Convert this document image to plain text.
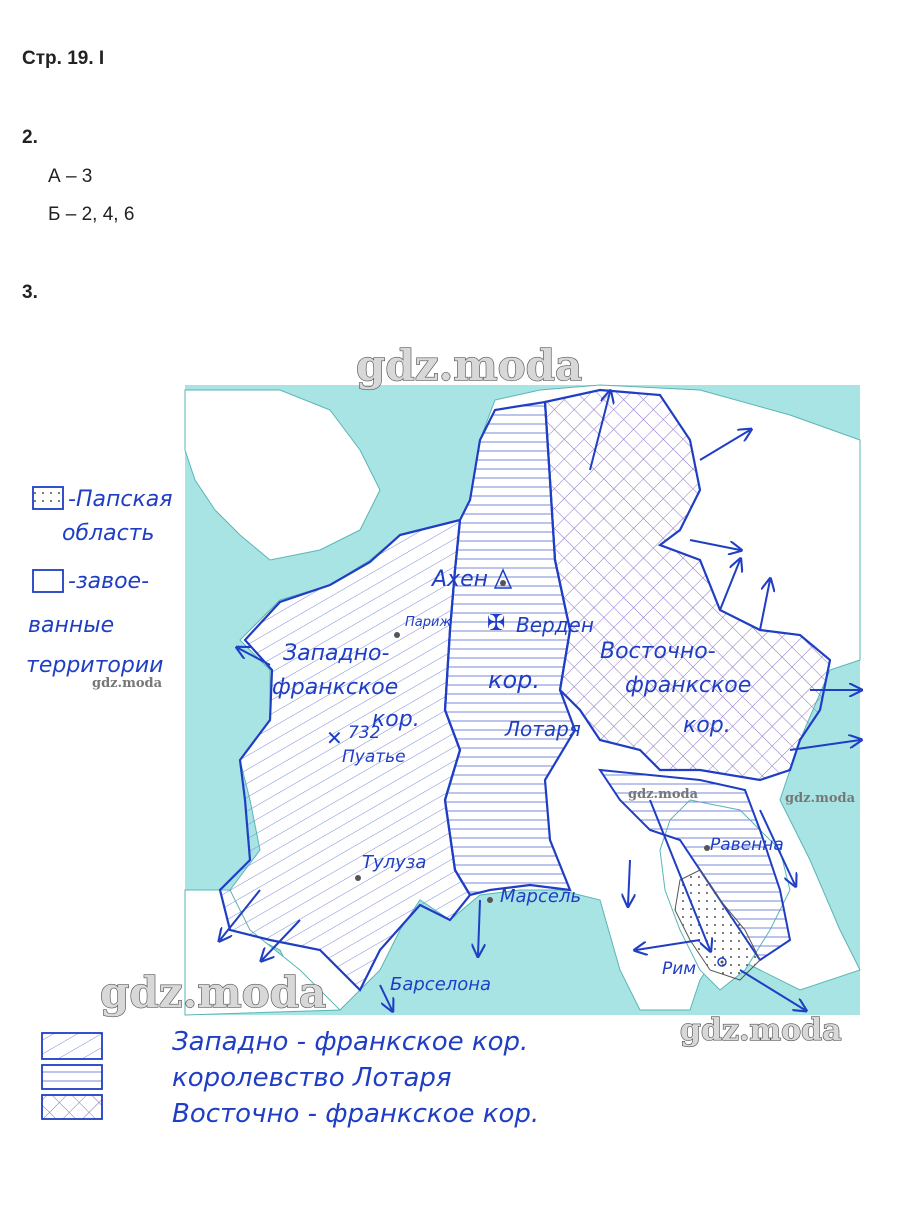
Стр. 19. I
2.
А – 3
Б – 2, 4, 6
3.
✠
✕
Ахен
Париж	Верден
Западно-
франкское
кор.
732
Пуатье
кор.
Лотаря
Восточно-
франкское
кор.
Тулуза
Марсель
Барселона
Равенна
Рим
-Папская
область
-завое-
ванные
территории
Западно - франкское кор.
королевство Лотаря
Восточно - франкское кор.
gdz.moda
gdz.moda
gdz.moda
gdz.moda
gdz.moda	gdz.moda
